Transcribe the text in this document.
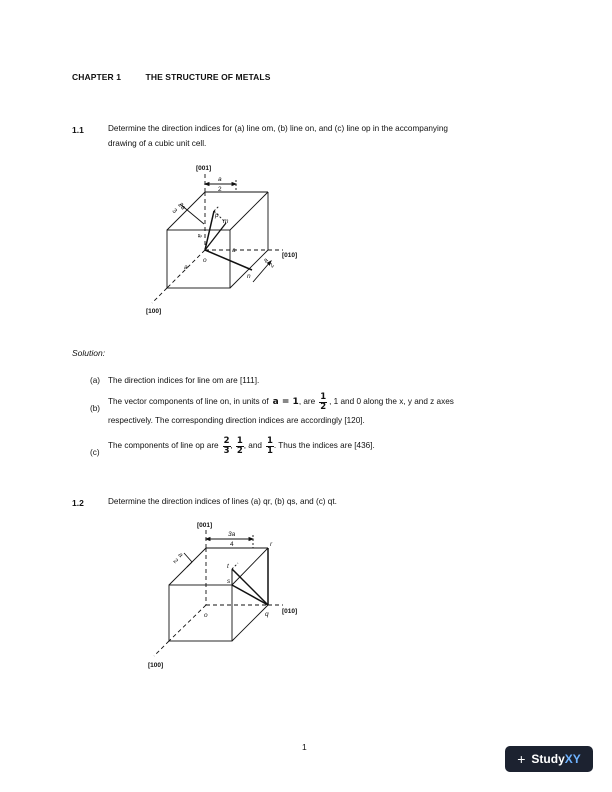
CHAPTER 1	THE STRUCTURE OF METALS
1.1	Determine the direction indices for (a) line om, (b) line on, and (c) line op in the accompanying
drawing of a cubic unit cell.
[001]
[010]
[100]
a
2
2a
3
a
2
a
a
a
p
m
o
n
Solution:
(a) The direction indices for line om are [111].
(b)
The vector components of line on, in units of a = 1 , are $\frac{1}{2}$ , 1 and 0 along the x, y and z axes
respectively. The corresponding direction indices are accordingly [120].
(c)
The components of line op are $\frac{2}{3}$ , $\frac{1}{2}$ , and $\frac{1}{1}$ . Thus the indices are [436].
1.2	Determine the direction indices of lines (a) qr, (b) qs, and (c) qt.
[001]
[010]
[100]
3a
4
a
2
r
t
s
o	q
1
+ Study XY
